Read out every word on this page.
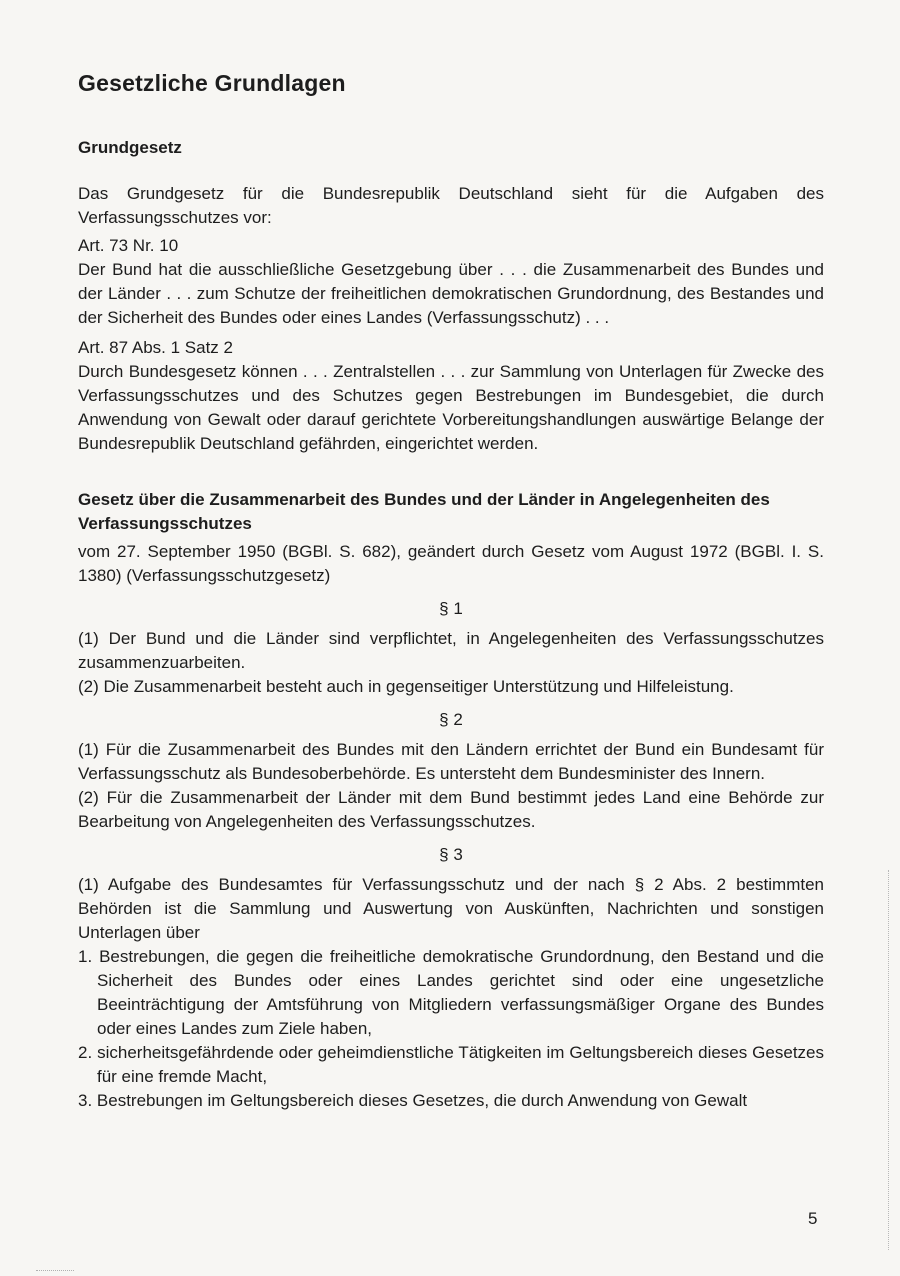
Gesetzliche Grundlagen
Grundgesetz

Das Grundgesetz für die Bundesrepublik Deutschland sieht für die Aufgaben des Verfassungsschutzes vor:

Art. 73 Nr. 10

Der Bund hat die ausschließliche Gesetzgebung über . . . die Zusammenarbeit des Bundes und der Länder . . . zum Schutze der freiheitlichen demokratischen Grundordnung, des Bestandes und der Sicherheit des Bundes oder eines Landes (Verfassungsschutz) . . .

Art. 87 Abs. 1 Satz 2

Durch Bundesgesetz können . . . Zentralstellen . . . zur Sammlung von Unterlagen für Zwecke des Verfassungsschutzes und des Schutzes gegen Bestrebungen im Bundesgebiet, die durch Anwendung von Gewalt oder darauf gerichtete Vorbereitungshandlungen auswärtige Belange der Bundesrepublik Deutschland gefährden, eingerichtet werden.

Gesetz über die Zusammenarbeit des Bundes und der Länder in Angelegenheiten des Verfassungsschutzes

vom 27. September 1950 (BGBl. S. 682), geändert durch Gesetz vom August 1972 (BGBl. I. S. 1380) (Verfassungsschutzgesetz)

§ 1

(1) Der Bund und die Länder sind verpflichtet, in Angelegenheiten des Verfassungsschutzes zusammenzuarbeiten.

(2) Die Zusammenarbeit besteht auch in gegenseitiger Unterstützung und Hilfeleistung.

§ 2

(1) Für die Zusammenarbeit des Bundes mit den Ländern errichtet der Bund ein Bundesamt für Verfassungsschutz als Bundesoberbehörde. Es untersteht dem Bundesminister des Innern.

(2) Für die Zusammenarbeit der Länder mit dem Bund bestimmt jedes Land eine Behörde zur Bearbeitung von Angelegenheiten des Verfassungsschutzes.

§ 3

(1) Aufgabe des Bundesamtes für Verfassungsschutz und der nach § 2 Abs. 2 bestimmten Behörden ist die Sammlung und Auswertung von Auskünften, Nachrichten und sonstigen Unterlagen über

1. Bestrebungen, die gegen die freiheitliche demokratische Grundordnung, den Bestand und die Sicherheit des Bundes oder eines Landes gerichtet sind oder eine ungesetzliche Beeinträchtigung der Amtsführung von Mitgliedern verfassungsmäßiger Organe des Bundes oder eines Landes zum Ziele haben,
2. sicherheitsgefährdende oder geheimdienstliche Tätigkeiten im Geltungsbereich dieses Gesetzes für eine fremde Macht,
3. Bestrebungen im Geltungsbereich dieses Gesetzes, die durch Anwendung von Gewalt
5
